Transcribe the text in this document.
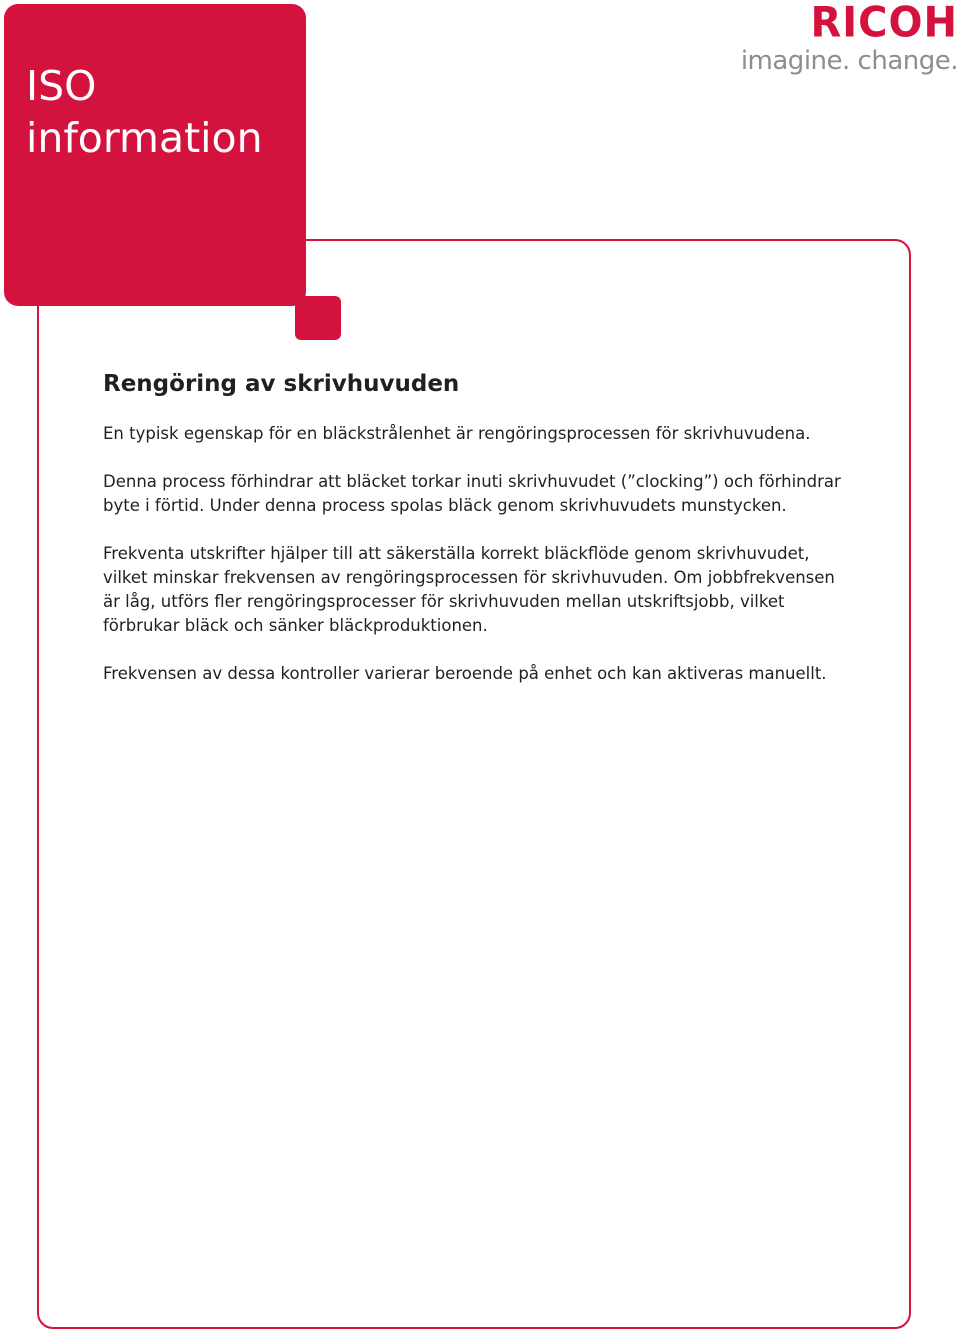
ISO
information
RICOH
imagine. change.
Rengöring av skrivhuvuden

En typisk egenskap för en bläckstrålenhet är rengöringsprocessen för skrivhuvudena.

Denna process förhindrar att bläcket torkar inuti skrivhuvudet (”clocking”) och förhindrar byte i förtid. Under denna process spolas bläck genom skrivhuvudets munstycken.

Frekventa utskrifter hjälper till att säkerställa korrekt bläckflöde genom skrivhuvudet, vilket minskar frekvensen av rengöringsprocessen för skrivhuvuden. Om jobbfrekvensen är låg, utförs fler rengöringsprocesser för skrivhuvuden mellan utskriftsjobb, vilket förbrukar bläck och sänker bläckproduktionen.

Frekvensen av dessa kontroller varierar beroende på enhet och kan aktiveras manuellt.
